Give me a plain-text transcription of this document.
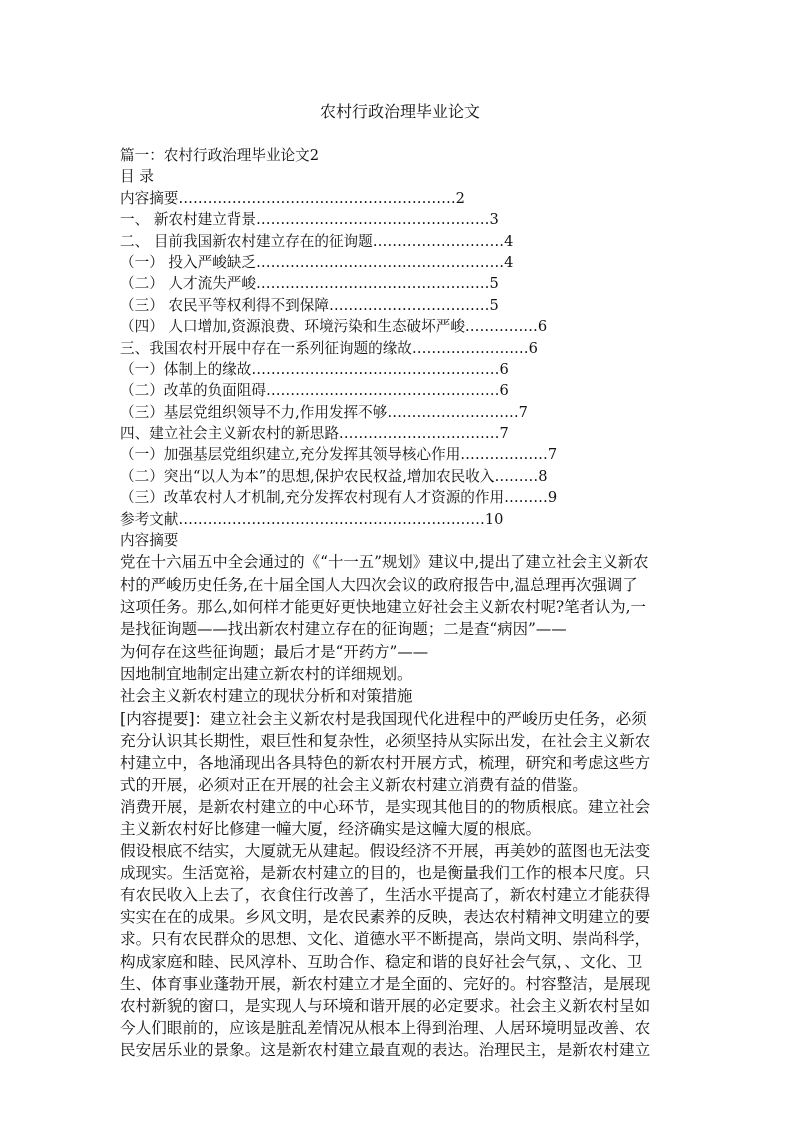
农村行政治理毕业论文
篇一：农村行政治理毕业论文2
目 录
内容摘要…………………………………………………2
一、 新农村建立背景…………………………………………3
二、 目前我国新农村建立存在的征询题………………………4
（一） 投入严峻缺乏……………………………………………4
（二） 人才流失严峻…………………………………………5
（三） 农民平等权利得不到保障……………………………5
（四） 人口增加,资源浪费、环境污染和生态破坏严峻……………6
三、我国农村开展中存在一系列征询题的缘故……………………6
（一）体制上的缘故……………………………………………6
（二）改革的负面阻碍…………………………………………6
（三）基层党组织领导不力,作用发挥不够………………………7
四、建立社会主义新农村的新思路……………………………7
（一）加强基层党组织建立,充分发挥其领导核心作用………………7
（二）突出“以人为本”的思想,保护农民权益,增加农民收入………8
（三）改革农村人才机制,充分发挥农村现有人才资源的作用………9
参考文献………………………………………………………10
内容摘要
党在十六届五中全会通过的《“十一五”规划》建议中,提出了建立社会主义新农
村的严峻历史任务,在十届全国人大四次会议的政府报告中,温总理再次强调了
这项任务。那么,如何样才能更好更快地建立好社会主义新农村呢?笔者认为,一
是找征询题——找出新农村建立存在的征询题；二是查“病因”——
为何存在这些征询题；最后才是“开药方”——
因地制宜地制定出建立新农村的详细规划。
社会主义新农村建立的现状分析和对策措施
[内容提要]：建立社会主义新农村是我国现代化进程中的严峻历史任务，必须
充分认识其长期性，艰巨性和复杂性，必须坚持从实际出发，在社会主义新农
村建立中，各地涌现出各具特色的新农村开展方式，梳理，研究和考虑这些方
式的开展，必须对正在开展的社会主义新农村建立消费有益的借鉴。
消费开展，是新农村建立的中心环节，是实现其他目的的物质根底。建立社会
主义新农村好比修建一幢大厦，经济确实是这幢大厦的根底。
假设根底不结实，大厦就无从建起。假设经济不开展，再美妙的蓝图也无法变
成现实。生活宽裕，是新农村建立的目的，也是衡量我们工作的根本尺度。只
有农民收入上去了，衣食住行改善了，生活水平提高了，新农村建立才能获得
实实在在的成果。乡风文明，是农民素养的反映，表达农村精神文明建立的要
求。只有农民群众的思想、文化、道德水平不断提高，崇尚文明、崇尚科学，
构成家庭和睦、民风淳朴、互助合作、稳定和谐的良好社会气氛，、文化、卫
生、体育事业蓬勃开展，新农村建立才是全面的、完好的。村容整洁，是展现
农村新貌的窗口，是实现人与环境和谐开展的必定要求。社会主义新农村呈如
今人们眼前的，应该是脏乱差情况从根本上得到治理、人居环境明显改善、农
民安居乐业的景象。这是新农村建立最直观的表达。治理民主，是新农村建立
